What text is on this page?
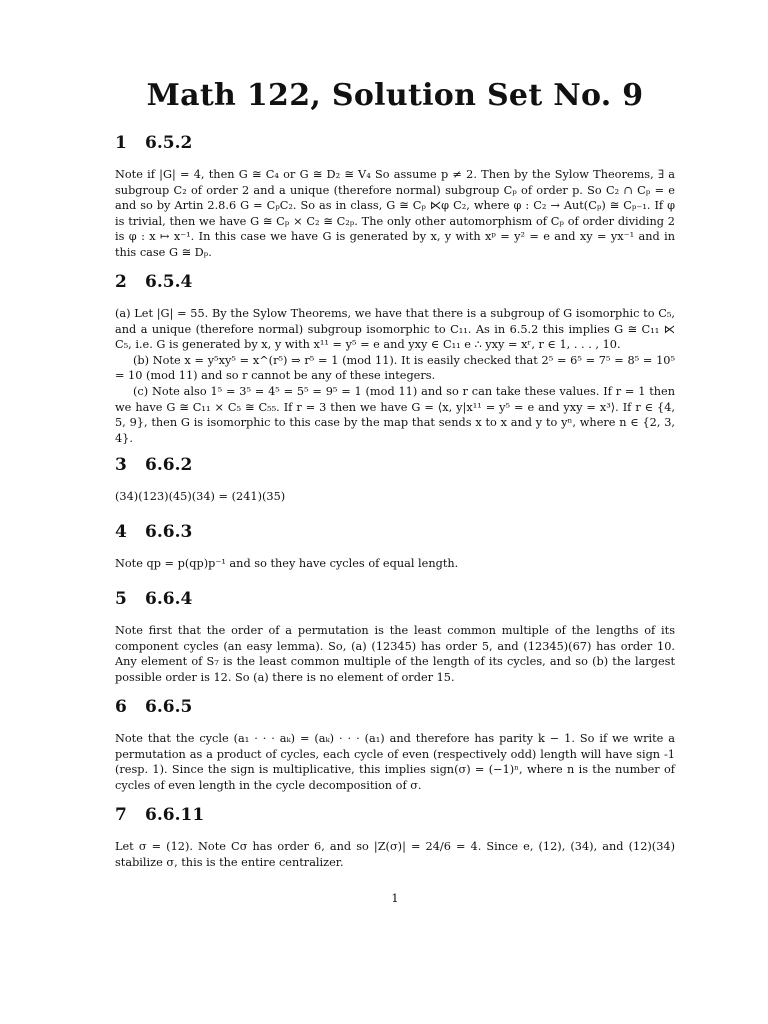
Math 122, Solution Set No. 9
1 6.5.2

Note if |G| = 4, then G ≅ C₄ or G ≅ D₂ ≅ V₄ So assume p ≠ 2. Then by the Sylow Theorems, ∃ a subgroup C₂ of order 2 and a unique (therefore normal) subgroup Cₚ of order p. So C₂ ∩ Cₚ = e and so by Artin 2.8.6 G = CₚC₂. So as in class, G ≅ Cₚ ⋉φ C₂, where φ : C₂ → Aut(Cₚ) ≅ Cₚ₋₁. If φ is trivial, then we have G ≅ Cₚ × C₂ ≅ C₂ₚ. The only other automorphism of Cₚ of order dividing 2 is φ : x ↦ x⁻¹. In this case we have G is generated by x, y with xᵖ = y² = e and xy = yx⁻¹ and in this case G ≅ Dₚ.

2 6.5.4

(a) Let |G| = 55. By the Sylow Theorems, we have that there is a subgroup of G isomorphic to C₅, and a unique (therefore normal) subgroup isomorphic to C₁₁. As in 6.5.2 this implies G ≅ C₁₁ ⋉ C₅, i.e. G is generated by x, y with x¹¹ = y⁵ = e and yxy ∈ C₁₁ e ∴ yxy = xʳ, r ∈ 1, . . . , 10.

(b) Note x = y⁵xy⁵ = x^(r⁵) ⇒ r⁵ = 1 (mod 11). It is easily checked that 2⁵ = 6⁵ = 7⁵ = 8⁵ = 10⁵ = 10 (mod 11) and so r cannot be any of these integers.

(c) Note also 1⁵ = 3⁵ = 4⁵ = 5⁵ = 9⁵ = 1 (mod 11) and so r can take these values. If r = 1 then we have G ≅ C₁₁ × C₅ ≅ C₅₅. If r = 3 then we have G = ⟨x, y|x¹¹ = y⁵ = e and yxy = x³⟩. If r ∈ {4, 5, 9}, then G is isomorphic to this case by the map that sends x to x and y to yⁿ, where n ∈ {2, 3, 4}.

3 6.6.2

(34)(123)(45)(34) = (241)(35)

4 6.6.3

Note qp = p(qp)p⁻¹ and so they have cycles of equal length.

5 6.6.4

Note first that the order of a permutation is the least common multiple of the lengths of its component cycles (an easy lemma). So, (a) (12345) has order 5, and (12345)(67) has order 10. Any element of S₇ is the least common multiple of the length of its cycles, and so (b) the largest possible order is 12. So (a) there is no element of order 15.

6 6.6.5

Note that the cycle (a₁ · · · aₖ) = (aₖ) · · · (a₁) and therefore has parity k − 1. So if we write a permutation as a product of cycles, each cycle of even (respectively odd) length will have sign -1 (resp. 1). Since the sign is multiplicative, this implies sign(σ) = (−1)ⁿ, where n is the number of cycles of even length in the cycle decomposition of σ.

7 6.6.11

Let σ = (12). Note Cσ has order 6, and so |Z(σ)| = 24/6 = 4. Since e, (12), (34), and (12)(34) stabilize σ, this is the entire centralizer.

1
